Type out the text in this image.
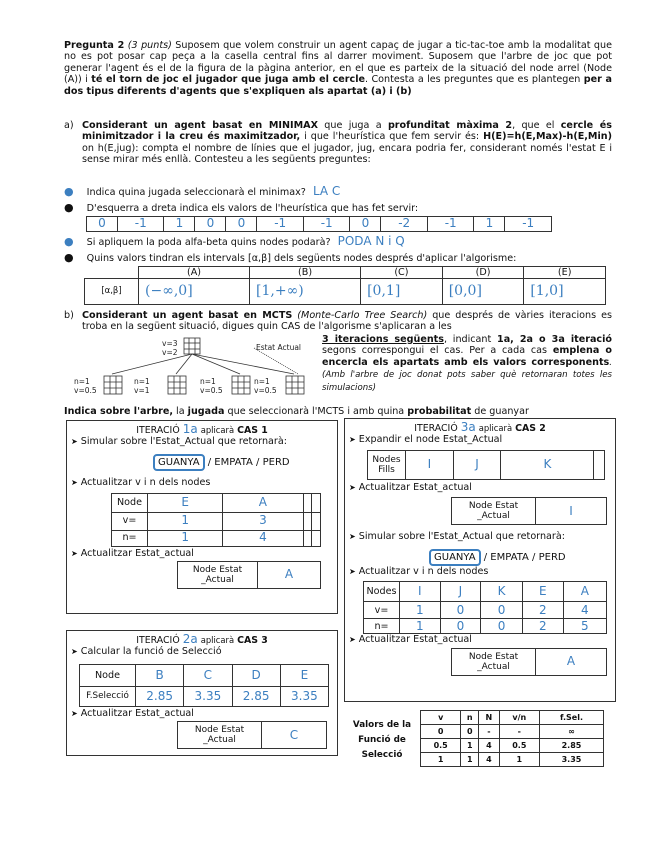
Pregunta 2 (3 punts) Suposem que volem construir un agent capaç de jugar a tic-tac-toe amb la modalitat que no es pot posar cap peça a la casella central fins al darrer moviment. Suposem que l'arbre de joc que pot generar l'agent és el de la figura de la pàgina anterior, en el que es parteix de la situació del node arrel (Node (A)) i té el torn de joc el jugador que juga amb el cercle. Contesta a les preguntes que es plantegen per a dos tipus diferents d'agents que s'expliquen als apartat (a) i (b)
a) Considerant un agent basat en MINIMAX que juga a profunditat màxima 2, que el cercle és minimitzador i la creu és maximitzador, i que l'heurística que fem servir és: H(E)=h(E,Max)-h(E,Min) on h(E,jug): compta el nombre de línies que el jugador, jug, encara podria fer, considerant només l'estat E i sense mirar més enllà. Contesteu a les següents preguntes:
● Indica quina jugada seleccionarà el minimax? LA C
● D'esquerra a dreta indica els valors de l'heurística que has fet servir:
0	-1	1	0	0	-1	-1	0	-2	-1	1	-1
● Si apliquem la poda alfa-beta quins nodes podarà? PODA N i Q
● Quins valors tindran els intervals [α,β] dels següents nodes després d'aplicar l'algorisme:
	(A)	(B)	(C)	(D)	(E)
[α,β]	(−∞,0]	[1,+∞)	[0,1]	[0,0]	[1,0]
b) Considerant un agent basat en MCTS (Monte-Carlo Tree Search) que després de vàries iteracions es troba en la següent situació, digues quin CAS de l'algorisme s'aplicaran a les
v=3
v=2
Estat Actual
n=1
v=0.5
n=1
v=1
n=1
v=0.5
n=1
v=0.5
3 iteracions següents, indicant 1a, 2a o 3a iteració segons correspongui el cas. Per a cada cas emplena o encercla els apartats amb els valors corresponents. (Amb l'arbre de joc donat pots saber què retornaran totes les simulacions)
Indica sobre l'arbre, la jugada que seleccionarà l'MCTS i amb quina probabilitat de guanyar
ITERACIÓ 1a aplicarà CAS 1
➤ Simular sobre l'Estat_Actual que retornarà:
GUANYA / EMPATA / PERD
➤ Actualitzar v i n dels nodes
Node	E	A		
v=	1	3		
n=	1	4		
➤ Actualitzar Estat_actual
Node Estat _Actual	A
ITERACIÓ 2a aplicarà CAS 3
➤ Calcular la funció de Selecció
Node	B	C	D	E
F.Selecció	2.85	3.35	2.85	3.35
➤ Actualitzar Estat_actual
Node Estat _Actual	C
ITERACIÓ 3a aplicarà CAS 2
➤ Expandir el node Estat_Actual
Nodes Fills	I	J	K	
➤ Actualitzar Estat_actual
Node Estat _Actual	I
➤ Simular sobre l'Estat_Actual que retornarà:
GUANYA / EMPATA / PERD
➤ Actualitzar v i n dels nodes
Nodes	I	J	K	E	A
v=	1	0	0	2	4
n=	1	0	0	2	5
➤ Actualitzar Estat_actual
Node Estat _Actual	A
Valors de la Funció de Selecció
v	n	N	v/n	f.Sel.
0	0	-	-	∞
0.5	1	4	0.5	2.85
1	1	4	1	3.35
